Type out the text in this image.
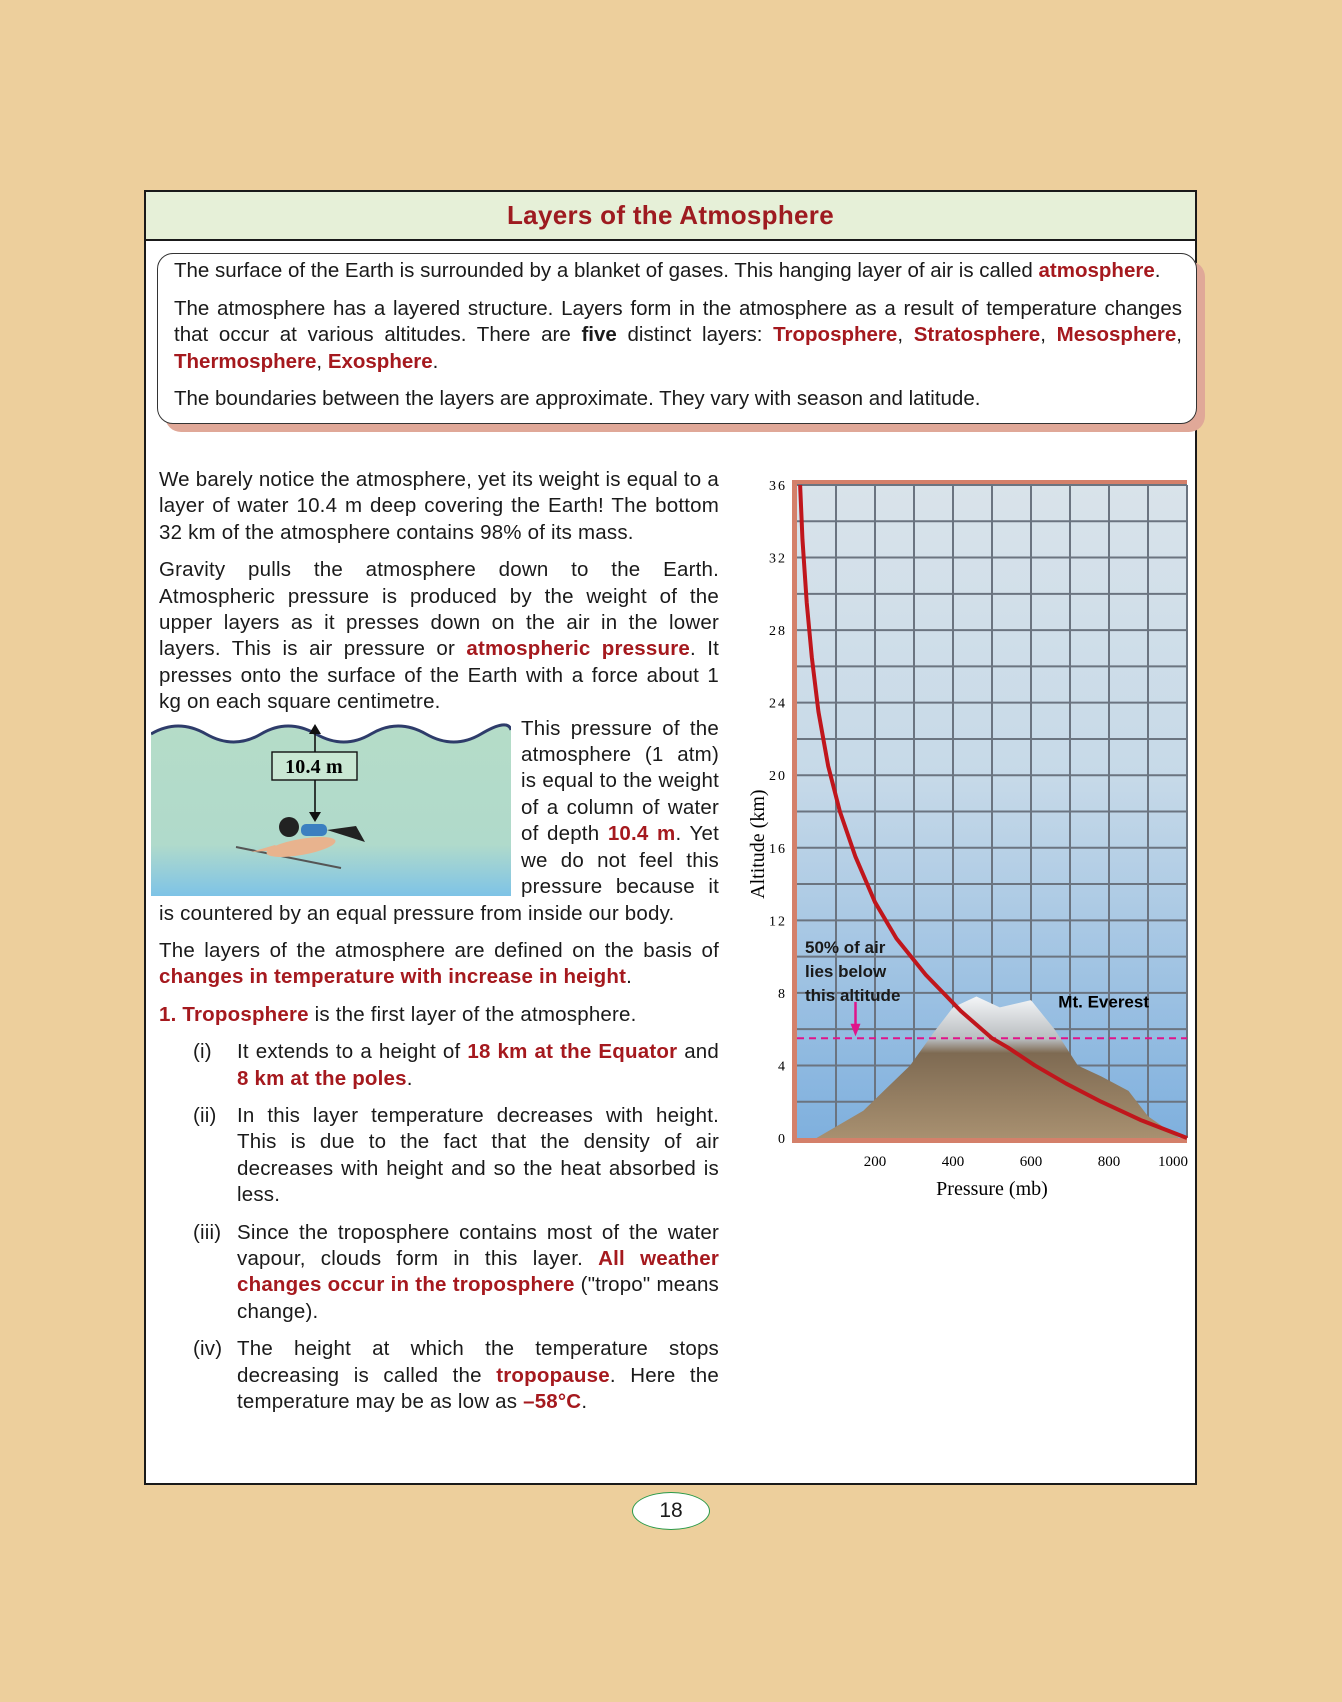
Layers of the Atmosphere

The surface of the Earth is surrounded by a blanket of gases. This hanging layer of air is called atmosphere.

The atmosphere has a layered structure. Layers form in the atmosphere as a result of temperature changes that occur at various altitudes. There are five distinct layers: Troposphere, Stratosphere, Mesosphere, Thermosphere, Exosphere.

The boundaries between the layers are approximate. They vary with season and latitude.

We barely notice the atmosphere, yet its weight is equal to a layer of water 10.4 m deep covering the Earth! The bottom 32 km of the atmosphere contains 98% of its mass.

Gravity pulls the atmosphere down to the Earth. Atmospheric pressure is produced by the weight of the upper layers as it presses down on the air in the lower layers. This is air pressure or atmospheric pressure. It presses onto the surface of the Earth with a force about 1 kg on each square centimetre.

10.4 m
This pressure of the atmosphere (1 atm) is equal to the weight of a column of water of depth 10.4 m. Yet we do not feel this pressure because it is countered by an equal pressure from inside our body.

The layers of the atmosphere are defined on the basis of changes in temperature with increase in height.

1. Troposphere is the first layer of the atmosphere.

(i) It extends to a height of 18 km at the Equator and 8 km at the poles.

(ii) In this layer temperature decreases with height. This is due to the fact that the density of air decreases with height and so the heat absorbed is less.

(iii) Since the troposphere contains most of the water vapour, clouds form in this layer. All weather changes occur in the troposphere ("tropo" means change).

(iv) The height at which the temperature stops decreasing is called the tropopause. Here the temperature may be as low as –58°C.

0
4
8
12
16
20
24
28
32
36
200	400	600	800	1000
Pressure (mb)
Altitude (km)
50% of air lies below this altitude	Mt. Everest
18
